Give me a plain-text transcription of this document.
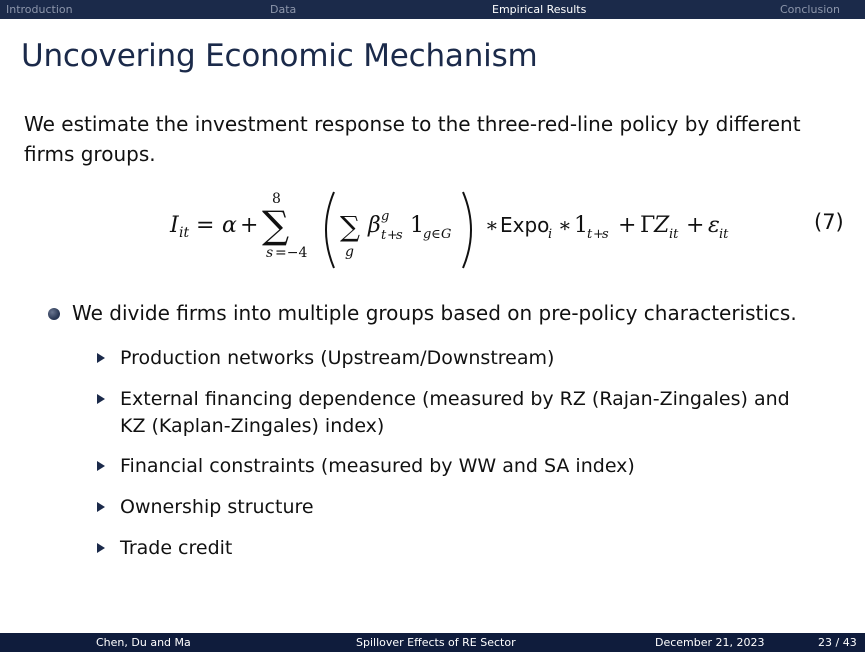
Introduction	Data	Empirical Results	Conclusion
Uncovering Economic Mechanism
We estimate the investment response to the three-red-line policy by different firms groups.
I it = α +
8
∑
s =−4
∑
g
β g
t +
s 1 g ∈ G ∗ Expo
i ∗ 1 t +
s + Γ
Z it + ε it
(7)
We divide firms into multiple groups based on pre-policy characteristics.
Production networks (Upstream/Downstream)
External financing dependence (measured by RZ (Rajan-Zingales) and KZ (Kaplan-Zingales) index)
Financial constraints (measured by WW and SA index)
Ownership structure
Trade credit
Chen, Du and Ma	Spillover Effects of RE Sector	December 21, 2023	23 / 43
